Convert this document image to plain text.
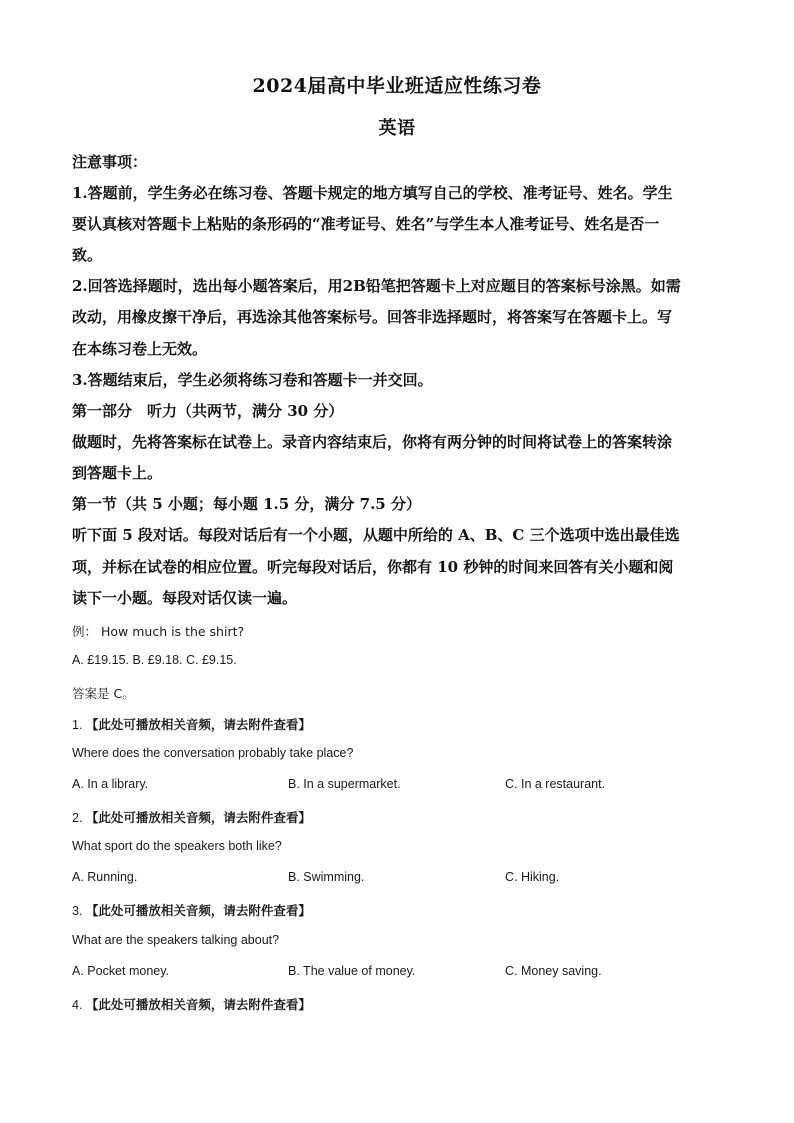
2024届高中毕业班适应性练习卷
英语
注意事项：
1.答题前，学生务必在练习卷、答题卡规定的地方填写自己的学校、准考证号、姓名。学生
要认真核对答题卡上粘贴的条形码的“准考证号、姓名”与学生本人准考证号、姓名是否一
致。
2.回答选择题时，选出每小题答案后，用2B铅笔把答题卡上对应题目的答案标号涂黑。如需
改动，用橡皮擦干净后，再选涂其他答案标号。回答非选择题时，将答案写在答题卡上。写
在本练习卷上无效。
3.答题结束后，学生必须将练习卷和答题卡一并交回。
第一部分　听力（共两节，满分 30 分）
做题时，先将答案标在试卷上。录音内容结束后，你将有两分钟的时间将试卷上的答案转涂
到答题卡上。
第一节（共 5 小题；每小题 1.5 分，满分 7.5 分）
听下面 5 段对话。每段对话后有一个小题，从题中所给的 A、B、C 三个选项中选出最佳选
项，并标在试卷的相应位置。听完每段对话后，你都有 10 秒钟的时间来回答有关小题和阅
读下一小题。每段对话仅读一遍。
例： How much is the shirt?
A. £19.15. B. £9.18. C. £9.15.
答案是 C。
1. 【此处可播放相关音频，请去附件查看】
Where does the conversation probably take place?
A. In a library.	B. In a supermarket.	C. In a restaurant.
2. 【此处可播放相关音频，请去附件查看】
What sport do the speakers both like?
A. Running.	B. Swimming.	C. Hiking.
3. 【此处可播放相关音频，请去附件查看】
What are the speakers talking about?
A. Pocket money.	B. The value of money.	C. Money saving.
4. 【此处可播放相关音频，请去附件查看】
